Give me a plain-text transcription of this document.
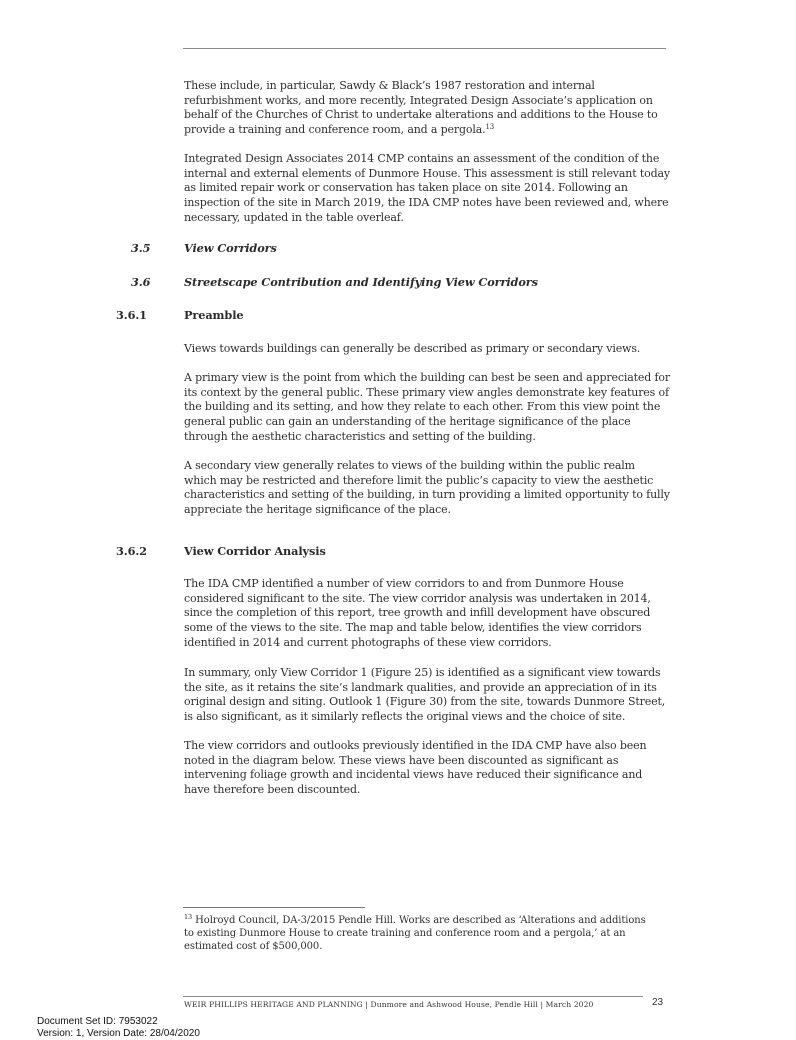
These include, in particular, Sawdy & Black’s 1987 restoration and internal refurbishment works, and more recently, Integrated Design Associate’s application on behalf of the Churches of Christ to undertake alterations and additions to the House to provide a training and conference room, and a pergola.$^{13}$

Integrated Design Associates 2014 CMP contains an assessment of the condition of the internal and external elements of Dunmore House. This assessment is still relevant today as limited repair work or conservation has taken place on site 2014. Following an inspection of the site in March 2019, the IDA CMP notes have been reviewed and, where necessary, updated in the table overleaf.

3.5	View Corridors
3.6	Streetscape Contribution and Identifying View Corridors
3.6.1	Preamble

Views towards buildings can generally be described as primary or secondary views.

A primary view is the point from which the building can best be seen and appreciated for its context by the general public. These primary view angles demonstrate key features of the building and its setting, and how they relate to each other. From this view point the general public can gain an understanding of the heritage significance of the place through the aesthetic characteristics and setting of the building.

A secondary view generally relates to views of the building within the public realm which may be restricted and therefore limit the public’s capacity to view the aesthetic characteristics and setting of the building, in turn providing a limited opportunity to fully appreciate the heritage significance of the place.

3.6.2	View Corridor Analysis

The IDA CMP identified a number of view corridors to and from Dunmore House considered significant to the site. The view corridor analysis was undertaken in 2014, since the completion of this report, tree growth and infill development have obscured some of the views to the site. The map and table below, identifies the view corridors identified in 2014 and current photographs of these view corridors.

In summary, only View Corridor 1 (Figure 25) is identified as a significant view towards the site, as it retains the site’s landmark qualities, and provide an appreciation of in its original design and siting. Outlook 1 (Figure 30) from the site, towards Dunmore Street, is also significant, as it similarly reflects the original views and the choice of site.

The view corridors and outlooks previously identified in the IDA CMP have also been noted in the diagram below. These views have been discounted as significant as intervening foliage growth and incidental views have reduced their significance and have therefore been discounted.

$^{13}$ Holroyd Council, DA-3/2015 Pendle Hill. Works are described as ‘Alterations and additions to existing Dunmore House to create training and conference room and a pergola,’ at an estimated cost of $500,000.

WEIR PHILLIPS HERITAGE AND PLANNING | Dunmore and Ashwood House, Pendle Hill | March 2020	23

Document Set ID: 7953022
Version: 1, Version Date: 28/04/2020
